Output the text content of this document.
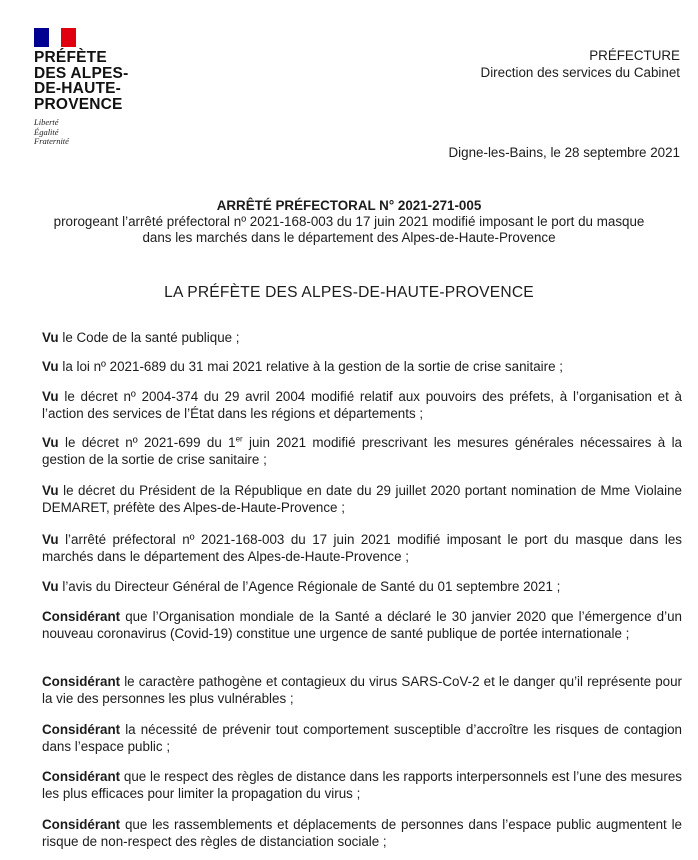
PRÉFÈTE
DES ALPES-
DE-HAUTE-
PROVENCE
Liberté
Égalité
Fraternité
PRÉFECTURE
Direction des services du Cabinet
Digne-les-Bains, le 28 septembre 2021
ARRÊTÉ PRÉFECTORAL N° 2021-271-005
prorogeant l’arrêté préfectoral nº 2021-168-003 du 17 juin 2021 modifié imposant le port du masque
dans les marchés dans le département des Alpes-de-Haute-Provence
LA PRÉFÈTE DES ALPES-DE-HAUTE-PROVENCE
Vu le Code de la santé publique ;
Vu la loi nº 2021-689 du 31 mai 2021 relative à la gestion de la sortie de crise sanitaire ;
Vu le décret nº 2004-374 du 29 avril 2004 modifié relatif aux pouvoirs des préfets, à l’organisation et à l’action des services de l’État dans les régions et départements ;
Vu le décret nº 2021-699 du 1er juin 2021 modifié prescrivant les mesures générales nécessaires à la gestion de la sortie de crise sanitaire ;
Vu le décret du Président de la République en date du 29 juillet 2020 portant nomination de Mme Violaine DEMARET, préfète des Alpes-de-Haute-Provence ;
Vu l’arrêté préfectoral nº 2021-168-003 du 17 juin 2021 modifié imposant le port du masque dans les marchés dans le département des Alpes-de-Haute-Provence ;
Vu l’avis du Directeur Général de l’Agence Régionale de Santé du 01 septembre 2021 ;
Considérant que l’Organisation mondiale de la Santé a déclaré le 30 janvier 2020 que l’émergence d’un nouveau coronavirus (Covid-19) constitue une urgence de santé publique de portée internationale ;
Considérant le caractère pathogène et contagieux du virus SARS-CoV-2 et le danger qu’il représente pour la vie des personnes les plus vulnérables ;
Considérant la nécessité de prévenir tout comportement susceptible d’accroître les risques de contagion dans l’espace public ;
Considérant que le respect des règles de distance dans les rapports interpersonnels est l’une des mesures les plus efficaces pour limiter la propagation du virus ;
Considérant que les rassemblements et déplacements de personnes dans l’espace public augmentent le risque de non-respect des règles de distanciation sociale ;
